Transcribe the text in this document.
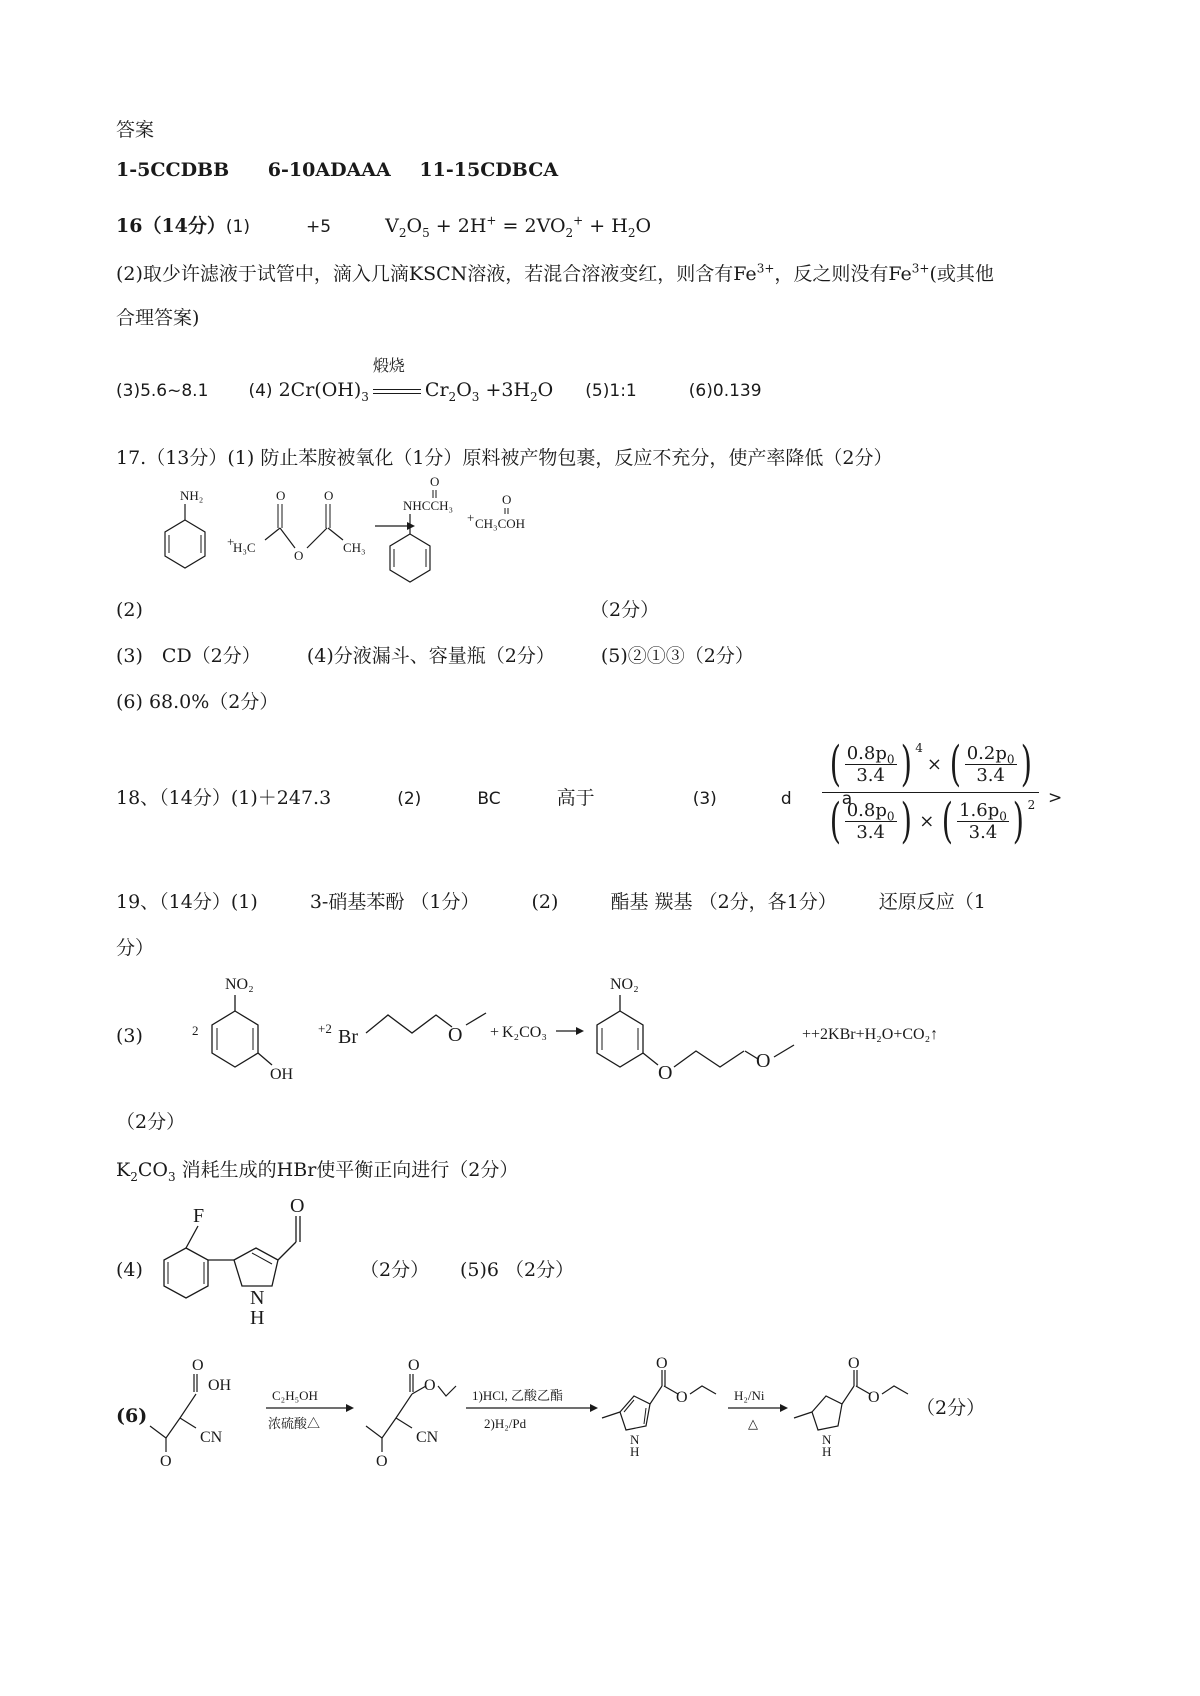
答案
1-5CCDBB 6-10ADAAA 11-15CDBCA
16（14分）(1)	+5	$V_2O_5 + 2H^+ = 2VO_2^+ + H_2O$
(2)取少许滤液于试管中，滴入几滴KSCN溶液，若混合溶液变红，则含有$Fe^{3+}$，反之则没有$Fe^{3+}$(或其他
合理答案)
(3)5.6~8.1 (4) $2Cr(OH)_3$
煅烧
$Cr_2O_3 +3H_2O$ (5)1:1	(6)0.139
17.（13分）(1) 防止苯胺被氧化（1分）原料被产物包裹，反应不充分，使产率降低（2分）
(2)
NH₂
+
O
H₃C
O
O
CH₃
O
NHCCH₃
+
O
CH₃COH
（2分）
(3)　CD（2分） (4)分液漏斗、容量瓶（2分） (5)②①③（2分）
(6) 68.0%（2分）
18、（14分）(1)＋247.3	(2)	BC	高于	(3)	d	a
( $\frac{0.8p_0}{3.4}$ ) $^4$
× ( $\frac{0.2p_0}{3.4}$ )
( $\frac{0.8p_0}{3.4}$ ) × ( $\frac{1.6p_0}{3.4}$ ) $^2$ >
19、（14分）(1)	3-硝基苯酚 （1分）	(2)	酯基 羰基 （2分，各1分） 还原反应（1
分）
(3)
NO₂
2
OH
+2 Br	O + K₂CO₃
NO₂
O
O
++2KBr+H₂O+CO₂↑
（2分）
$K_2CO_3$ 消耗生成的HBr使平衡正向进行（2分）
(4)
F
N
H
O
（2分） (5)6 （2分）
(6)
O
OH
O
CN
C₂H₅OH
浓硫酸△
O
O
O
CN
1)HCl, 乙酸乙酯
2)H₂/Pd
N
H
O
O	H₂/Ni
△
N
H
O
O （2分）
